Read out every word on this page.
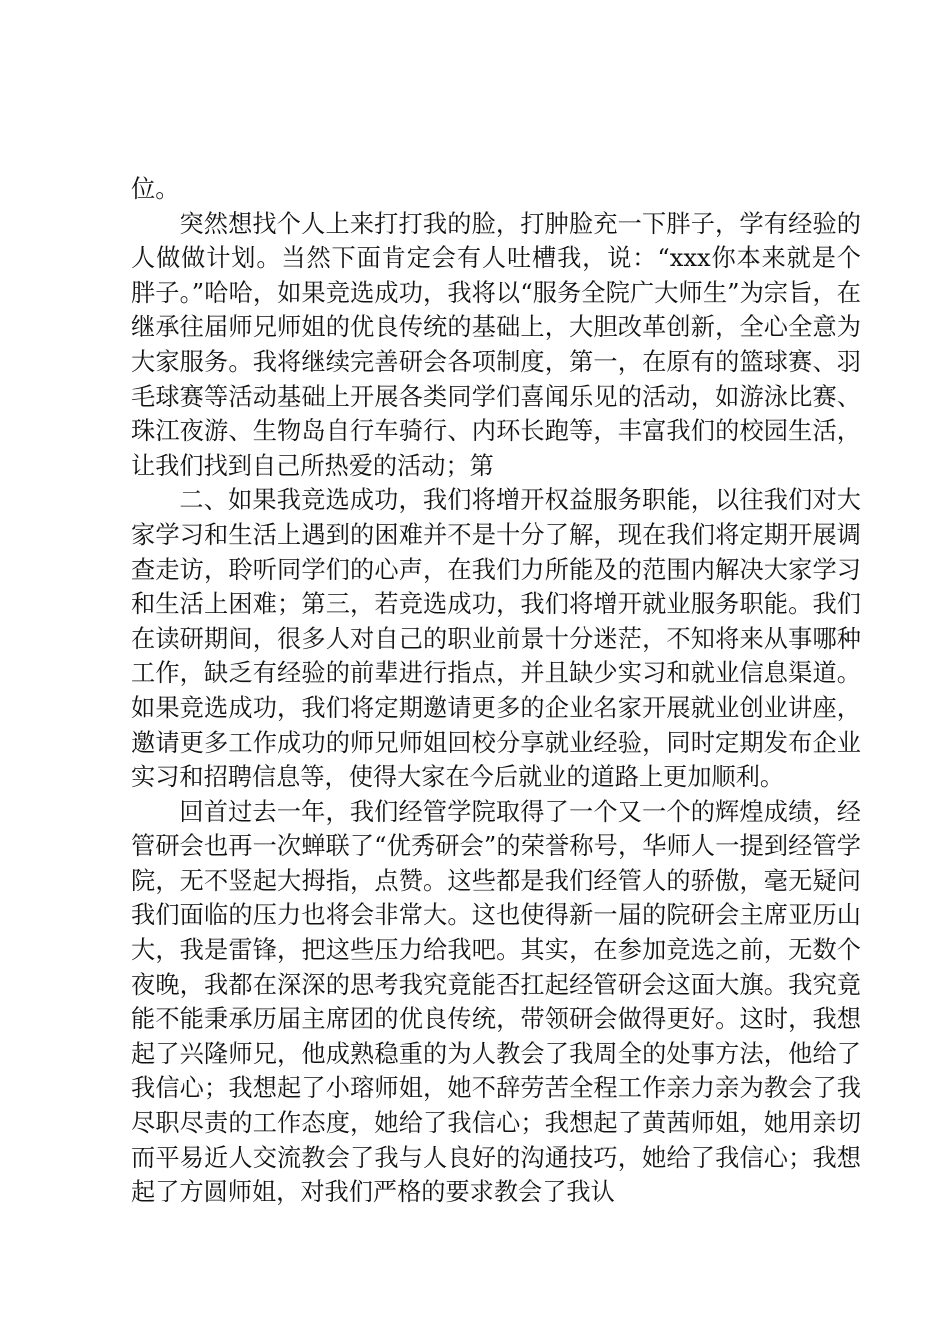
位。

突然想找个人上来打打我的脸，打肿脸充一下胖子，学有经验的人做做计划。当然下面肯定会有人吐槽我，说：“xxx你本来就是个胖子。”哈哈，如果竞选成功，我将以“服务全院广大师生”为宗旨，在继承往届师兄师姐的优良传统的基础上，大胆改革创新，全心全意为大家服务。我将继续完善研会各项制度，第一，在原有的篮球赛、羽毛球赛等活动基础上开展各类同学们喜闻乐见的活动，如游泳比赛、珠江夜游、生物岛自行车骑行、内环长跑等，丰富我们的校园生活，让我们找到自己所热爱的活动；第

二、如果我竞选成功，我们将增开权益服务职能，以往我们对大家学习和生活上遇到的困难并不是十分了解，现在我们将定期开展调查走访，聆听同学们的心声，在我们力所能及的范围内解决大家学习和生活上困难；第三，若竞选成功，我们将增开就业服务职能。我们在读研期间，很多人对自己的职业前景十分迷茫，不知将来从事哪种工作，缺乏有经验的前辈进行指点，并且缺少实习和就业信息渠道。如果竞选成功，我们将定期邀请更多的企业名家开展就业创业讲座，邀请更多工作成功的师兄师姐回校分享就业经验，同时定期发布企业实习和招聘信息等，使得大家在今后就业的道路上更加顺利。

回首过去一年，我们经管学院取得了一个又一个的辉煌成绩，经管研会也再一次蝉联了“优秀研会”的荣誉称号，华师人一提到经管学院，无不竖起大拇指，点赞。这些都是我们经管人的骄傲，毫无疑问我们面临的压力也将会非常大。这也使得新一届的院研会主席亚历山大，我是雷锋，把这些压力给我吧。其实，在参加竞选之前，无数个夜晚，我都在深深的思考我究竟能否扛起经管研会这面大旗。我究竟能不能秉承历届主席团的优良传统，带领研会做得更好。这时，我想起了兴隆师兄，他成熟稳重的为人教会了我周全的处事方法，他给了我信心；我想起了小瑢师姐，她不辞劳苦全程工作亲力亲为教会了我尽职尽责的工作态度，她给了我信心；我想起了黄茜师姐，她用亲切而平易近人交流教会了我与人良好的沟通技巧，她给了我信心；我想起了方圆师姐，对我们严格的要求教会了我认
